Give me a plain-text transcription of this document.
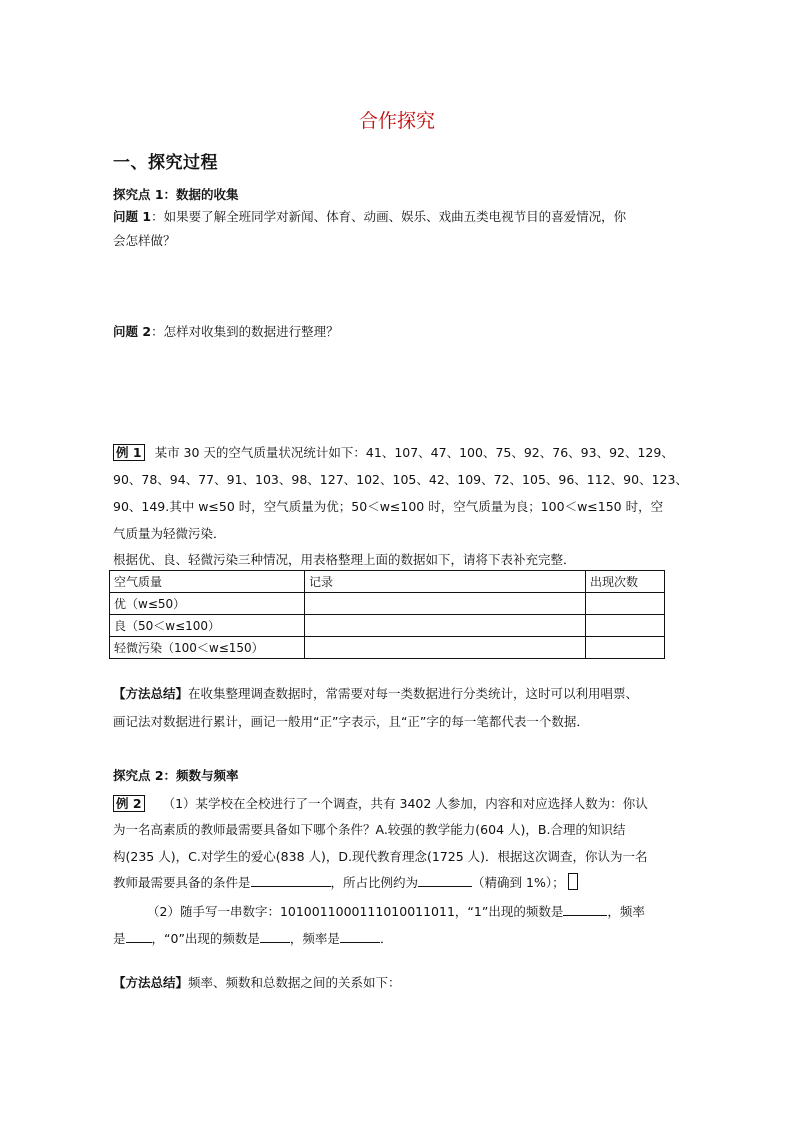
合作探究
一、探究过程
探究点 1：数据的收集
问题 1：如果要了解全班同学对新闻、体育、动画、娱乐、戏曲五类电视节目的喜爱情况，你
会怎样做？
问题 2：怎样对收集到的数据进行整理？
例 1 某市 30 天的空气质量状况统计如下：41、107、47、100、75、92、76、93、92、129、
90、78、94、77、91、103、98、127、102、105、42、109、72、105、96、112、90、123、
90、149.其中 w≤50 时，空气质量为优；50＜w≤100 时，空气质量为良；100＜w≤150 时，空
气质量为轻微污染．
根据优、良、轻微污染三种情况，用表格整理上面的数据如下，请将下表补充完整．
空气质量	记录	出现次数
优（w≤50）		
良（50＜w≤100）		
轻微污染（100＜w≤150）		
【方法总结】在收集整理调查数据时，常需要对每一类数据进行分类统计，这时可以利用唱票、
画记法对数据进行累计，画记一般用“正”字表示，且“正”字的每一笔都代表一个数据．
探究点 2：频数与频率
例 2 （1）某学校在全校进行了一个调查，共有 3402 人参加，内容和对应选择人数为：你认
为一名高素质的教师最需要具备如下哪个条件？A.较强的教学能力(604 人)，B.合理的知识结
构(235 人)，C.对学生的爱心(838 人)，D.现代教育理念(1725 人)．根据这次调查，你认为一名
教师最需要具备的条件是	，所占比例约为	（精确到 1%）；
（2）随手写一串数字：1010011000111010011011，“1”出现的频数是	，频率
是 ，“0”出现的频数是 ，频率是	．
【方法总结】频率、频数和总数据之间的关系如下：
